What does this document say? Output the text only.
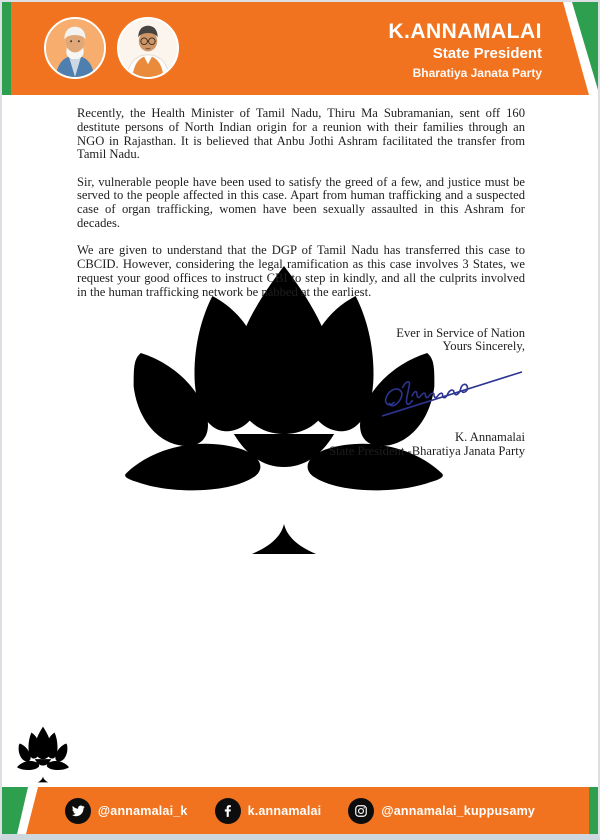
K.ANNAMALAI
State President
Bharatiya Janata Party

Recently, the Health Minister of Tamil Nadu, Thiru Ma Subramanian, sent off 160 destitute persons of North Indian origin for a reunion with their families through an NGO in Rajasthan. It is believed that Anbu Jothi Ashram facilitated the transfer from Tamil Nadu.

Sir, vulnerable people have been used to satisfy the greed of a few, and justice must be served to the people affected in this case. Apart from human trafficking and a suspected case of organ trafficking, women have been sexually assaulted in this Ashram for decades.

We are given to understand that the DGP of Tamil Nadu has transferred this case to CBCID. However, considering the legal ramification as this case involves 3 States, we request your good offices to instruct CBI to step in kindly, and all the culprits involved in the human trafficking network be nabbed at the earliest.

Ever in Service of Nation
Yours Sincerely,
K. Annamalai
State President -Bharatiya Janata Party
@annamalai_k	k.annamalai	@annamalai_kuppusamy
